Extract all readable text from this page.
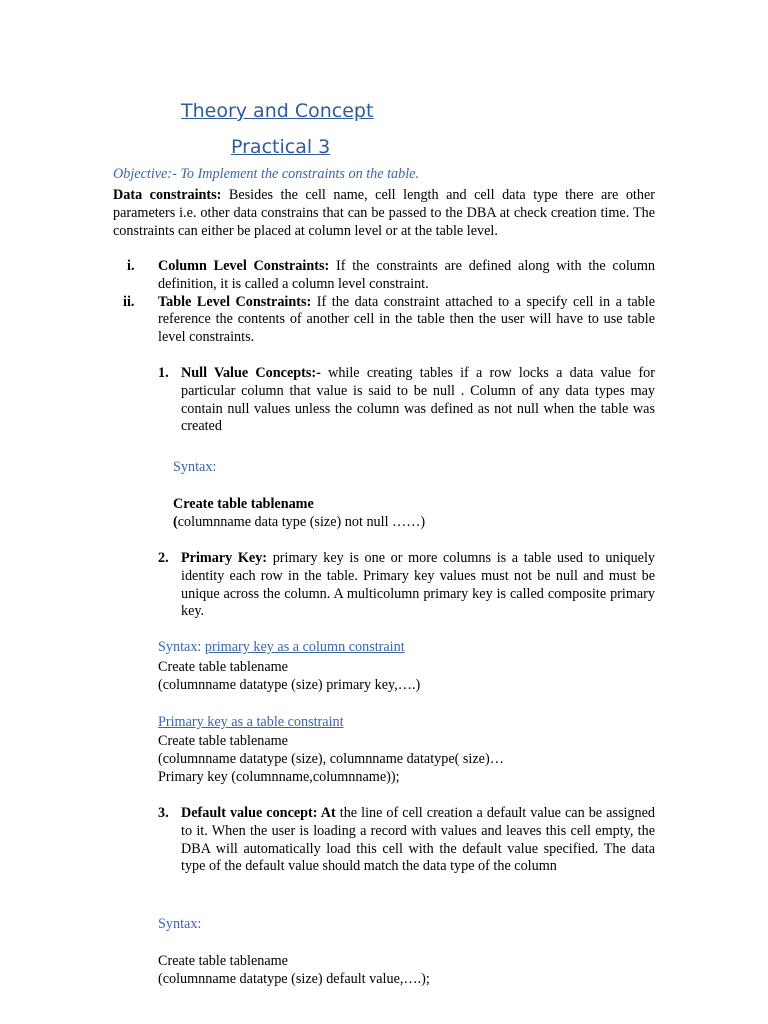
Theory and Concept
Practical 3
Objective:- To Implement the constraints on the table.

Data constraints: Besides the cell name, cell length and cell data type there are other parameters i.e. other data constrains that can be passed to the DBA at check creation time. The constraints can either be placed at column level or at the table level.

i. Column Level Constraints: If the constraints are defined along with the column definition, it is called a column level constraint.

ii. Table Level Constraints: If the data constraint attached to a specify cell in a table reference the contents of another cell in the table then the user will have to use table level constraints.

1. Null Value Concepts:- while creating tables if a row locks a data value for particular column that value is said to be null . Column of any data types may contain null values unless the column was defined as not null when the table was created

Syntax:
Create table tablename
(columnname data type (size) not null ……)
2. Primary Key: primary key is one or more columns is a table used to uniquely identity each row in the table. Primary key values must not be null and must be unique across the column. A multicolumn primary key is called composite primary key.

Syntax: primary key as a column constraint
Create table tablename
(columnname datatype (size) primary key,….)
Primary key as a table constraint
Create table tablename
(columnname datatype (size), columnname datatype( size)…
Primary key (columnname,columnname));
3. Default value concept: At the line of cell creation a default value can be assigned to it. When the user is loading a record with values and leaves this cell empty, the DBA will automatically load this cell with the default value specified. The data type of the default value should match the data type of the column

Syntax:
Create table tablename
(columnname datatype (size) default value,….);
